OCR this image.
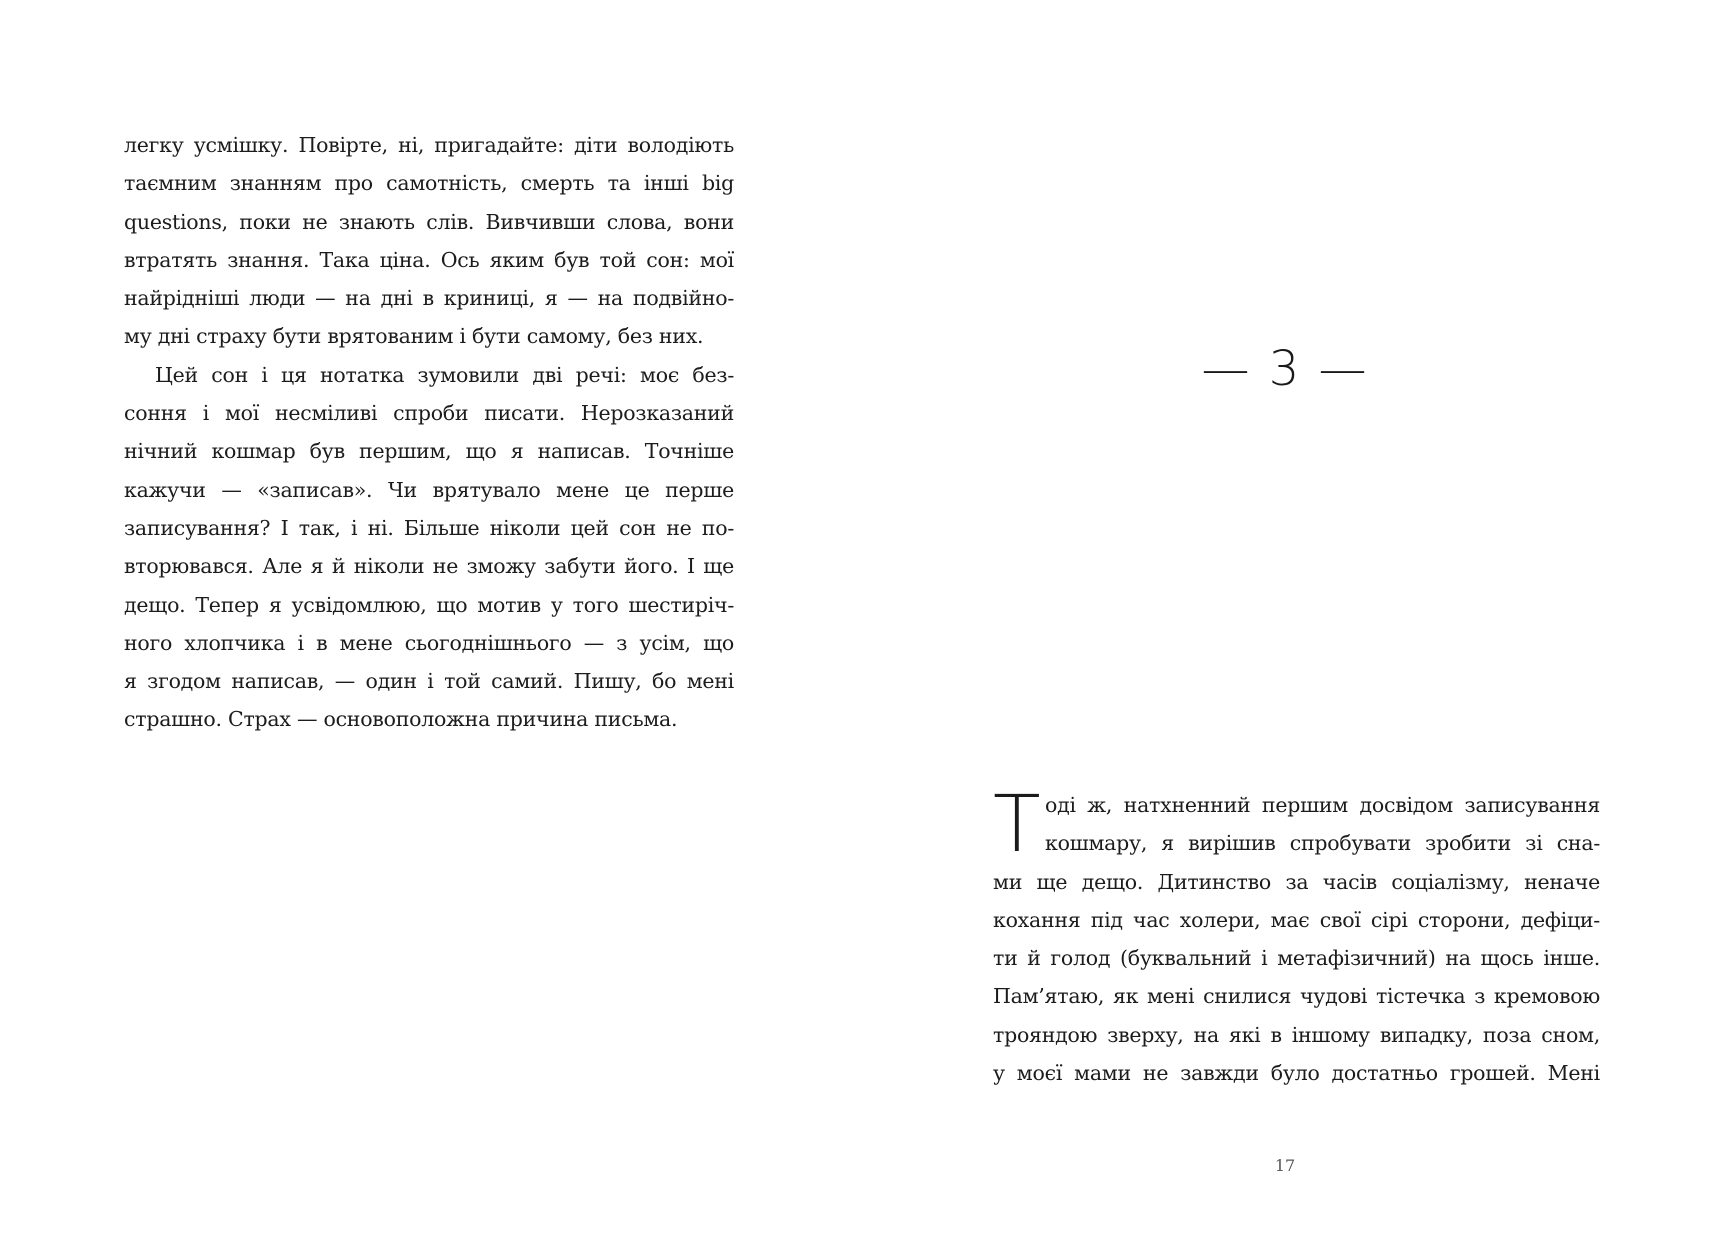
легку усмішку. Повірте, ні, пригадайте: діти володіють
таємним знанням про самотність, смерть та інші big
questions, поки не знають слів. Вивчивши слова, вони
втратять знання. Така ціна. Ось яким був той сон: мої
найрідніші люди — на дні в криниці, я — на подвійно-
му дні страху бути врятованим і бути самому, без них.
Цей сон і ця нотатка зумовили дві речі: моє без-
соння і мої несміливі спроби писати. Нерозказаний
нічний кошмар був першим, що я написав. Точніше
кажучи — «записав». Чи врятувало мене це перше
записування? І так, і ні. Більше ніколи цей сон не по-
вторювався. Але я й ніколи не зможу забути його. І ще
дещо. Тепер я усвідомлюю, що мотив у того шестиріч-
ного хлопчика і в мене сьогоднішнього — з усім, що
я згодом написав, — один і той самий. Пишу, бо мені
страшно. Страх — основоположна причина письма.
— 3 —
Т оді ж, натхненний першим досвідом записування
кошмару, я вирішив спробувати зробити зі сна-
ми ще дещо. Дитинство за часів соціалізму, неначе
кохання під час холери, має свої сірі сторони, дефіци-
ти й голод (буквальний і метафізичний) на щось інше.
Пам’ятаю, як мені снилися чудові тістечка з кремовою
трояндою зверху, на які в іншому випадку, поза сном,
у моєї мами не завжди було достатньо грошей. Мені
17
